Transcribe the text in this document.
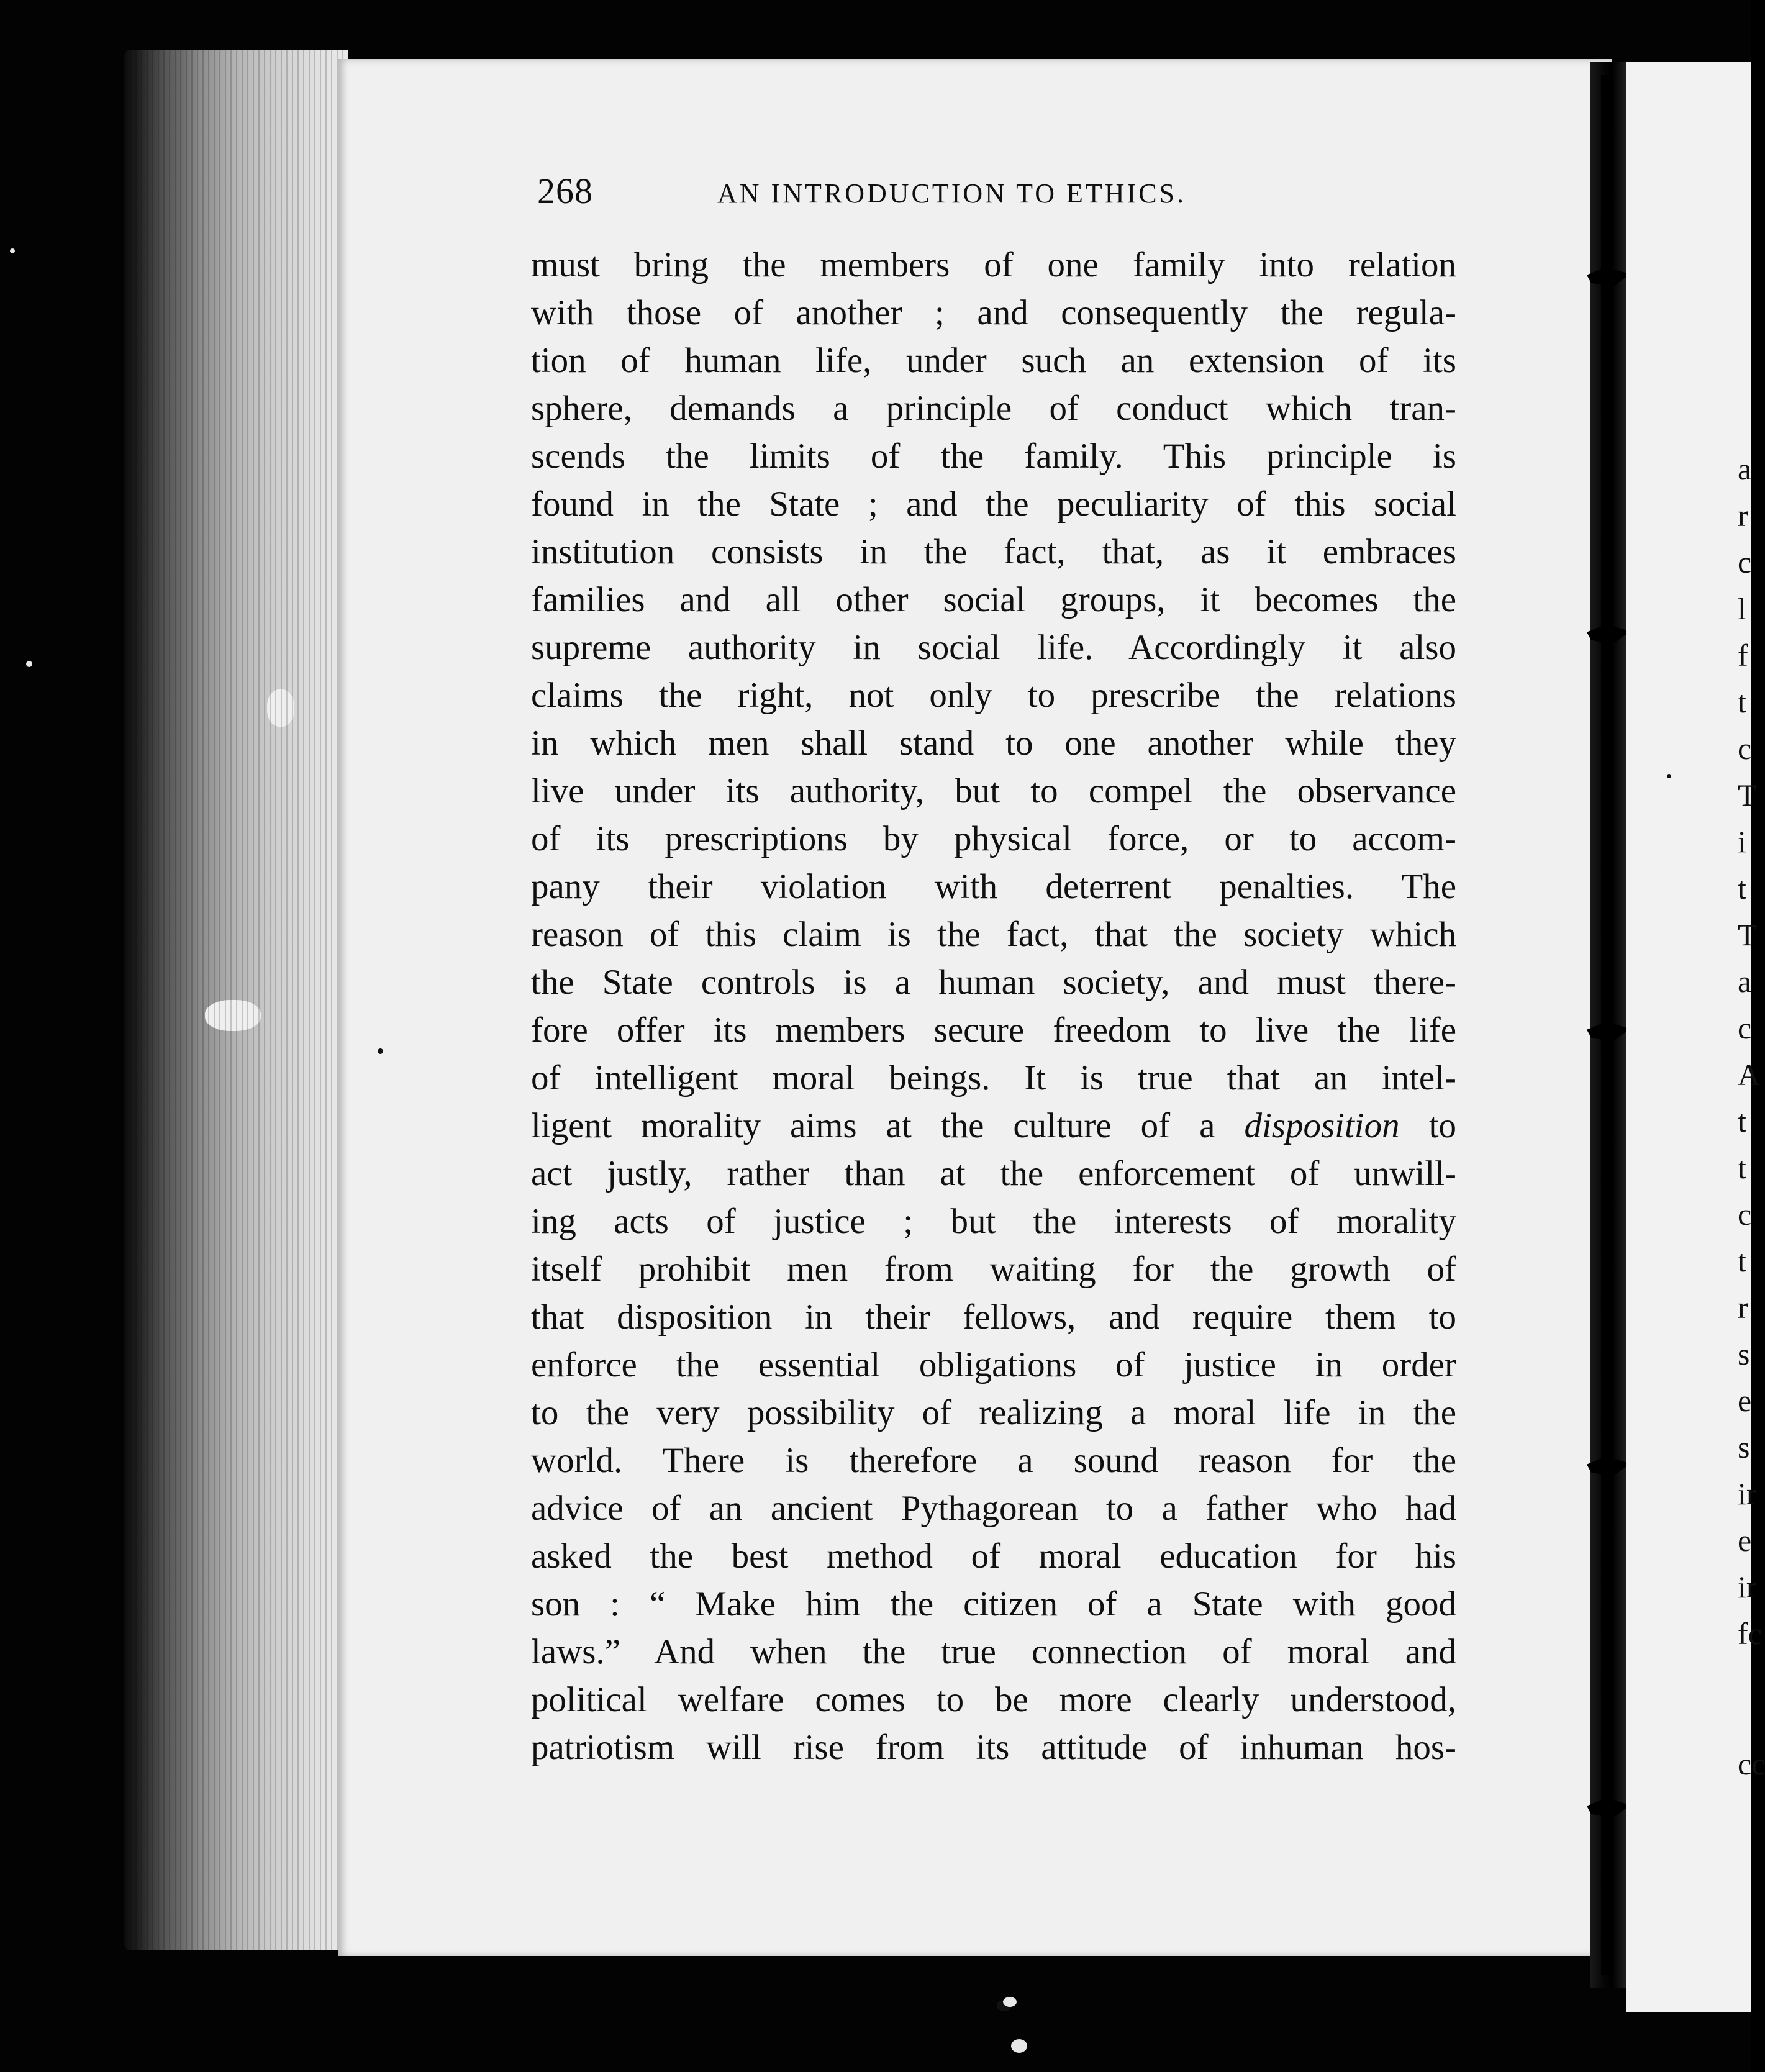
a
r
c
l
f
t
c
T
i
t
T
a
c
A
t
t
c
t
r
s
e
s
ir
e
ir
fc
cc
268	AN INTRODUCTION TO ETHICS.
must bring the members of one family into relation
with those of another ; and consequently the regula-
tion of human life, under such an extension of its
sphere, demands a principle of conduct which tran-
scends the limits of the family. This principle is
found in the State ; and the peculiarity of this social
institution consists in the fact, that, as it embraces
families and all other social groups, it becomes the
supreme authority in social life. Accordingly it also
claims the right, not only to prescribe the relations
in which men shall stand to one another while they
live under its authority, but to compel the observance
of its prescriptions by physical force, or to accom-
pany their violation with deterrent penalties. The
reason of this claim is the fact, that the society which
the State controls is a human society, and must there-
fore offer its members secure freedom to live the life
of intelligent moral beings. It is true that an intel-
ligent morality aims at the culture of a disposition to
act justly, rather than at the enforcement of unwill-
ing acts of justice ; but the interests of morality
itself prohibit men from waiting for the growth of
that disposition in their fellows, and require them to
enforce the essential obligations of justice in order
to the very possibility of realizing a moral life in the
world. There is therefore a sound reason for the
advice of an ancient Pythagorean to a father who had
asked the best method of moral education for his
son : “ Make him the citizen of a State with good
laws.” And when the true connection of moral and
political welfare comes to be more clearly understood,
patriotism will rise from its attitude of inhuman hos-
